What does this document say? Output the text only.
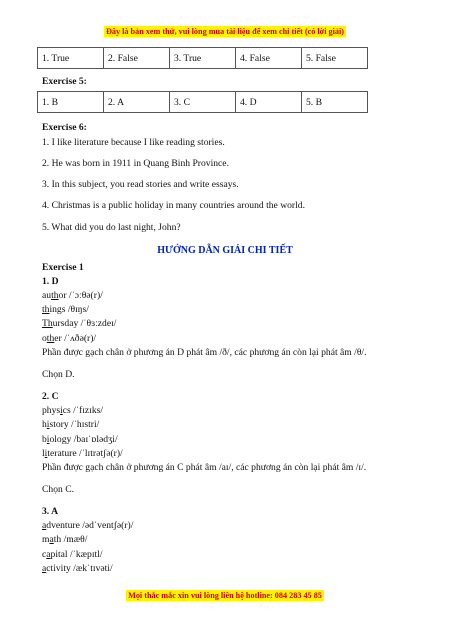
Đây là bản xem thử, vui lòng mua tài liệu để xem chi tiết (có lời giải)
1. True	2. False	3. True	4. False	5. False
Exercise 5:
1. B	2. A	3. C	4. D	5. B
Exercise 6:
1. I like literature because I like reading stories.
2. He was born in 1911 in Quang Binh Province.
3. In this subject, you read stories and write essays.
4. Christmas is a public holiday in many countries around the world.
5. What did you do last night, John?
HƯỚNG DẪN GIẢI CHI TIẾT
Exercise 1
1. D
author /ˈɔːθə(r)/
things /θɪŋs/
Thursday /ˈθɜːzdeɪ/
other /ˈʌðə(r)/
Phần được gạch chân ở phương án D phát âm /ð/, các phương án còn lại phát âm /θ/.
Chọn D.
2. C
physics /ˈfɪzɪks/
history /ˈhɪstri/
biology /baɪˈɒlədʒi/
literature /ˈlɪtrətʃə(r)/
Phần được gạch chân ở phương án C phát âm /aɪ/, các phương án còn lại phát âm /ɪ/.
Chọn C.
3. A
adventure /ədˈventʃə(r)/
math /mæθ/
capital /ˈkæpɪtl/
activity /ækˈtɪvəti/
Mọi thắc mắc xin vui lòng liên hệ hotline: 084 283 45 85
